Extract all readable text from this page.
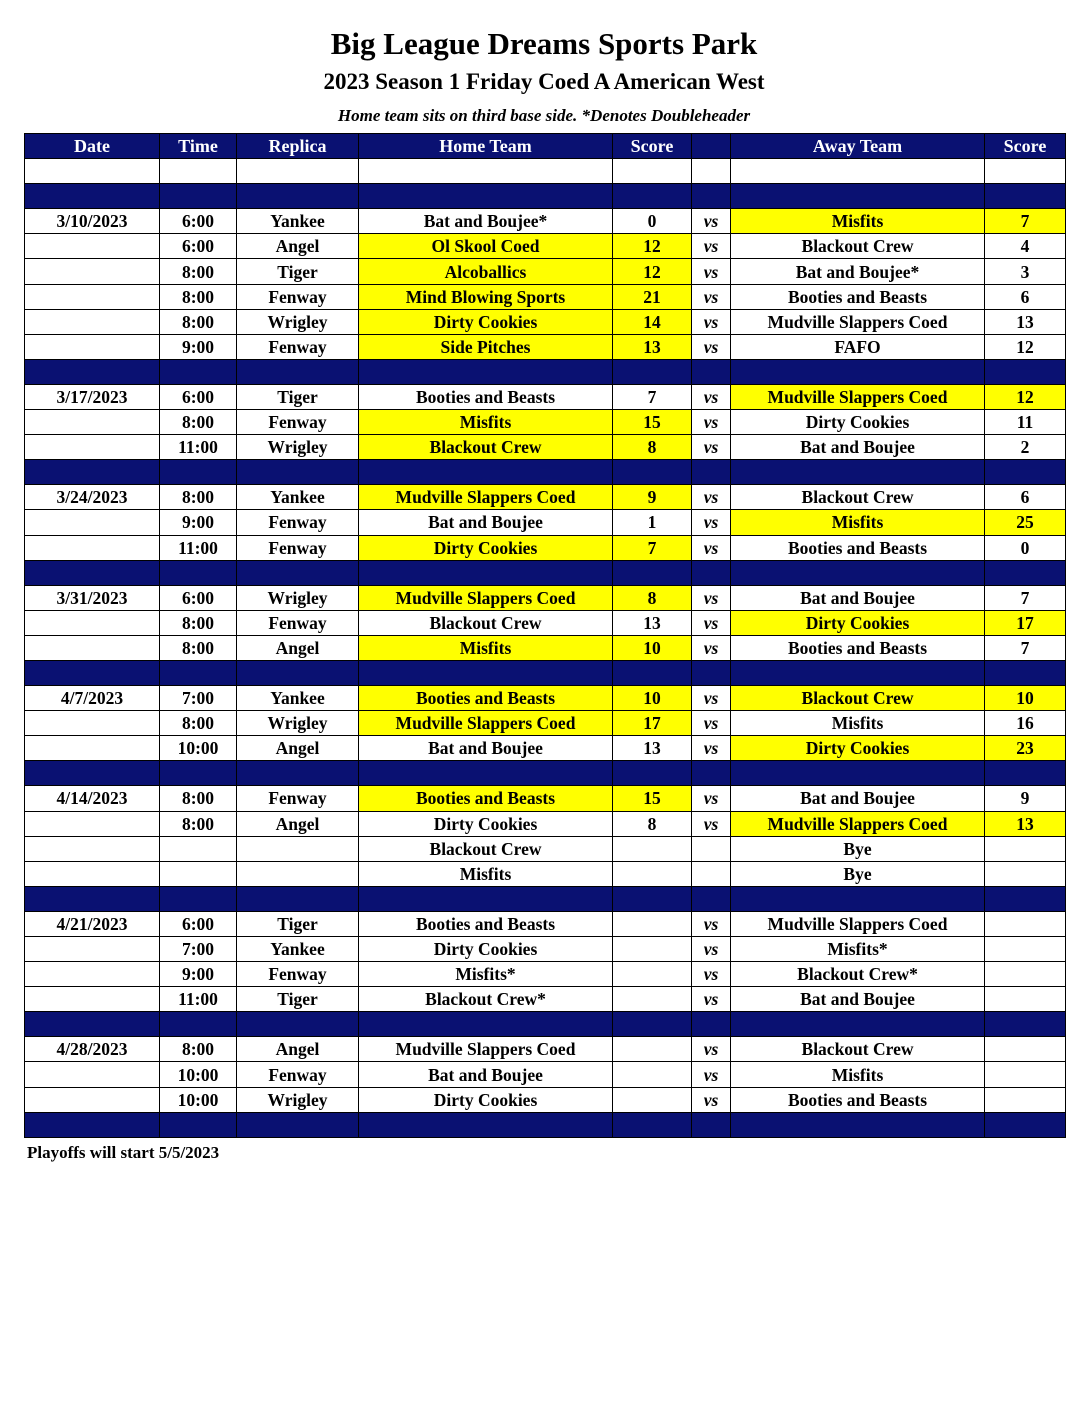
Big League Dreams Sports Park
2023 Season 1 Friday Coed A American West
Home team sits on third base side. *Denotes Doubleheader
Date	Time	Replica	Home Team	Score		Away Team	Score

3/10/2023	6:00	Yankee	Bat and Boujee*	0	vs	Misfits	7
	6:00	Angel	Ol Skool Coed	12	vs	Blackout Crew	4
	8:00	Tiger	Alcoballics	12	vs	Bat and Boujee*	3
	8:00	Fenway	Mind Blowing Sports	21	vs	Booties and Beasts	6
	8:00	Wrigley	Dirty Cookies	14	vs	Mudville Slappers Coed	13
	9:00	Fenway	Side Pitches	13	vs	FAFO	12

3/17/2023	6:00	Tiger	Booties and Beasts	7	vs	Mudville Slappers Coed	12
	8:00	Fenway	Misfits	15	vs	Dirty Cookies	11
	11:00	Wrigley	Blackout Crew	8	vs	Bat and Boujee	2

3/24/2023	8:00	Yankee	Mudville Slappers Coed	9	vs	Blackout Crew	6
	9:00	Fenway	Bat and Boujee	1	vs	Misfits	25
	11:00	Fenway	Dirty Cookies	7	vs	Booties and Beasts	0

3/31/2023	6:00	Wrigley	Mudville Slappers Coed	8	vs	Bat and Boujee	7
	8:00	Fenway	Blackout Crew	13	vs	Dirty Cookies	17
	8:00	Angel	Misfits	10	vs	Booties and Beasts	7

4/7/2023	7:00	Yankee	Booties and Beasts	10	vs	Blackout Crew	10
	8:00	Wrigley	Mudville Slappers Coed	17	vs	Misfits	16
	10:00	Angel	Bat and Boujee	13	vs	Dirty Cookies	23

4/14/2023	8:00	Fenway	Booties and Beasts	15	vs	Bat and Boujee	9
	8:00	Angel	Dirty Cookies	8	vs	Mudville Slappers Coed	13
			Blackout Crew			Bye	
			Misfits			Bye	

4/21/2023	6:00	Tiger	Booties and Beasts		vs	Mudville Slappers Coed	
	7:00	Yankee	Dirty Cookies		vs	Misfits*	
	9:00	Fenway	Misfits*		vs	Blackout Crew*	
	11:00	Tiger	Blackout Crew*		vs	Bat and Boujee	

4/28/2023	8:00	Angel	Mudville Slappers Coed		vs	Blackout Crew	
	10:00	Fenway	Bat and Boujee		vs	Misfits	
	10:00	Wrigley	Dirty Cookies		vs	Booties and Beasts	

Playoffs will start 5/5/2023
